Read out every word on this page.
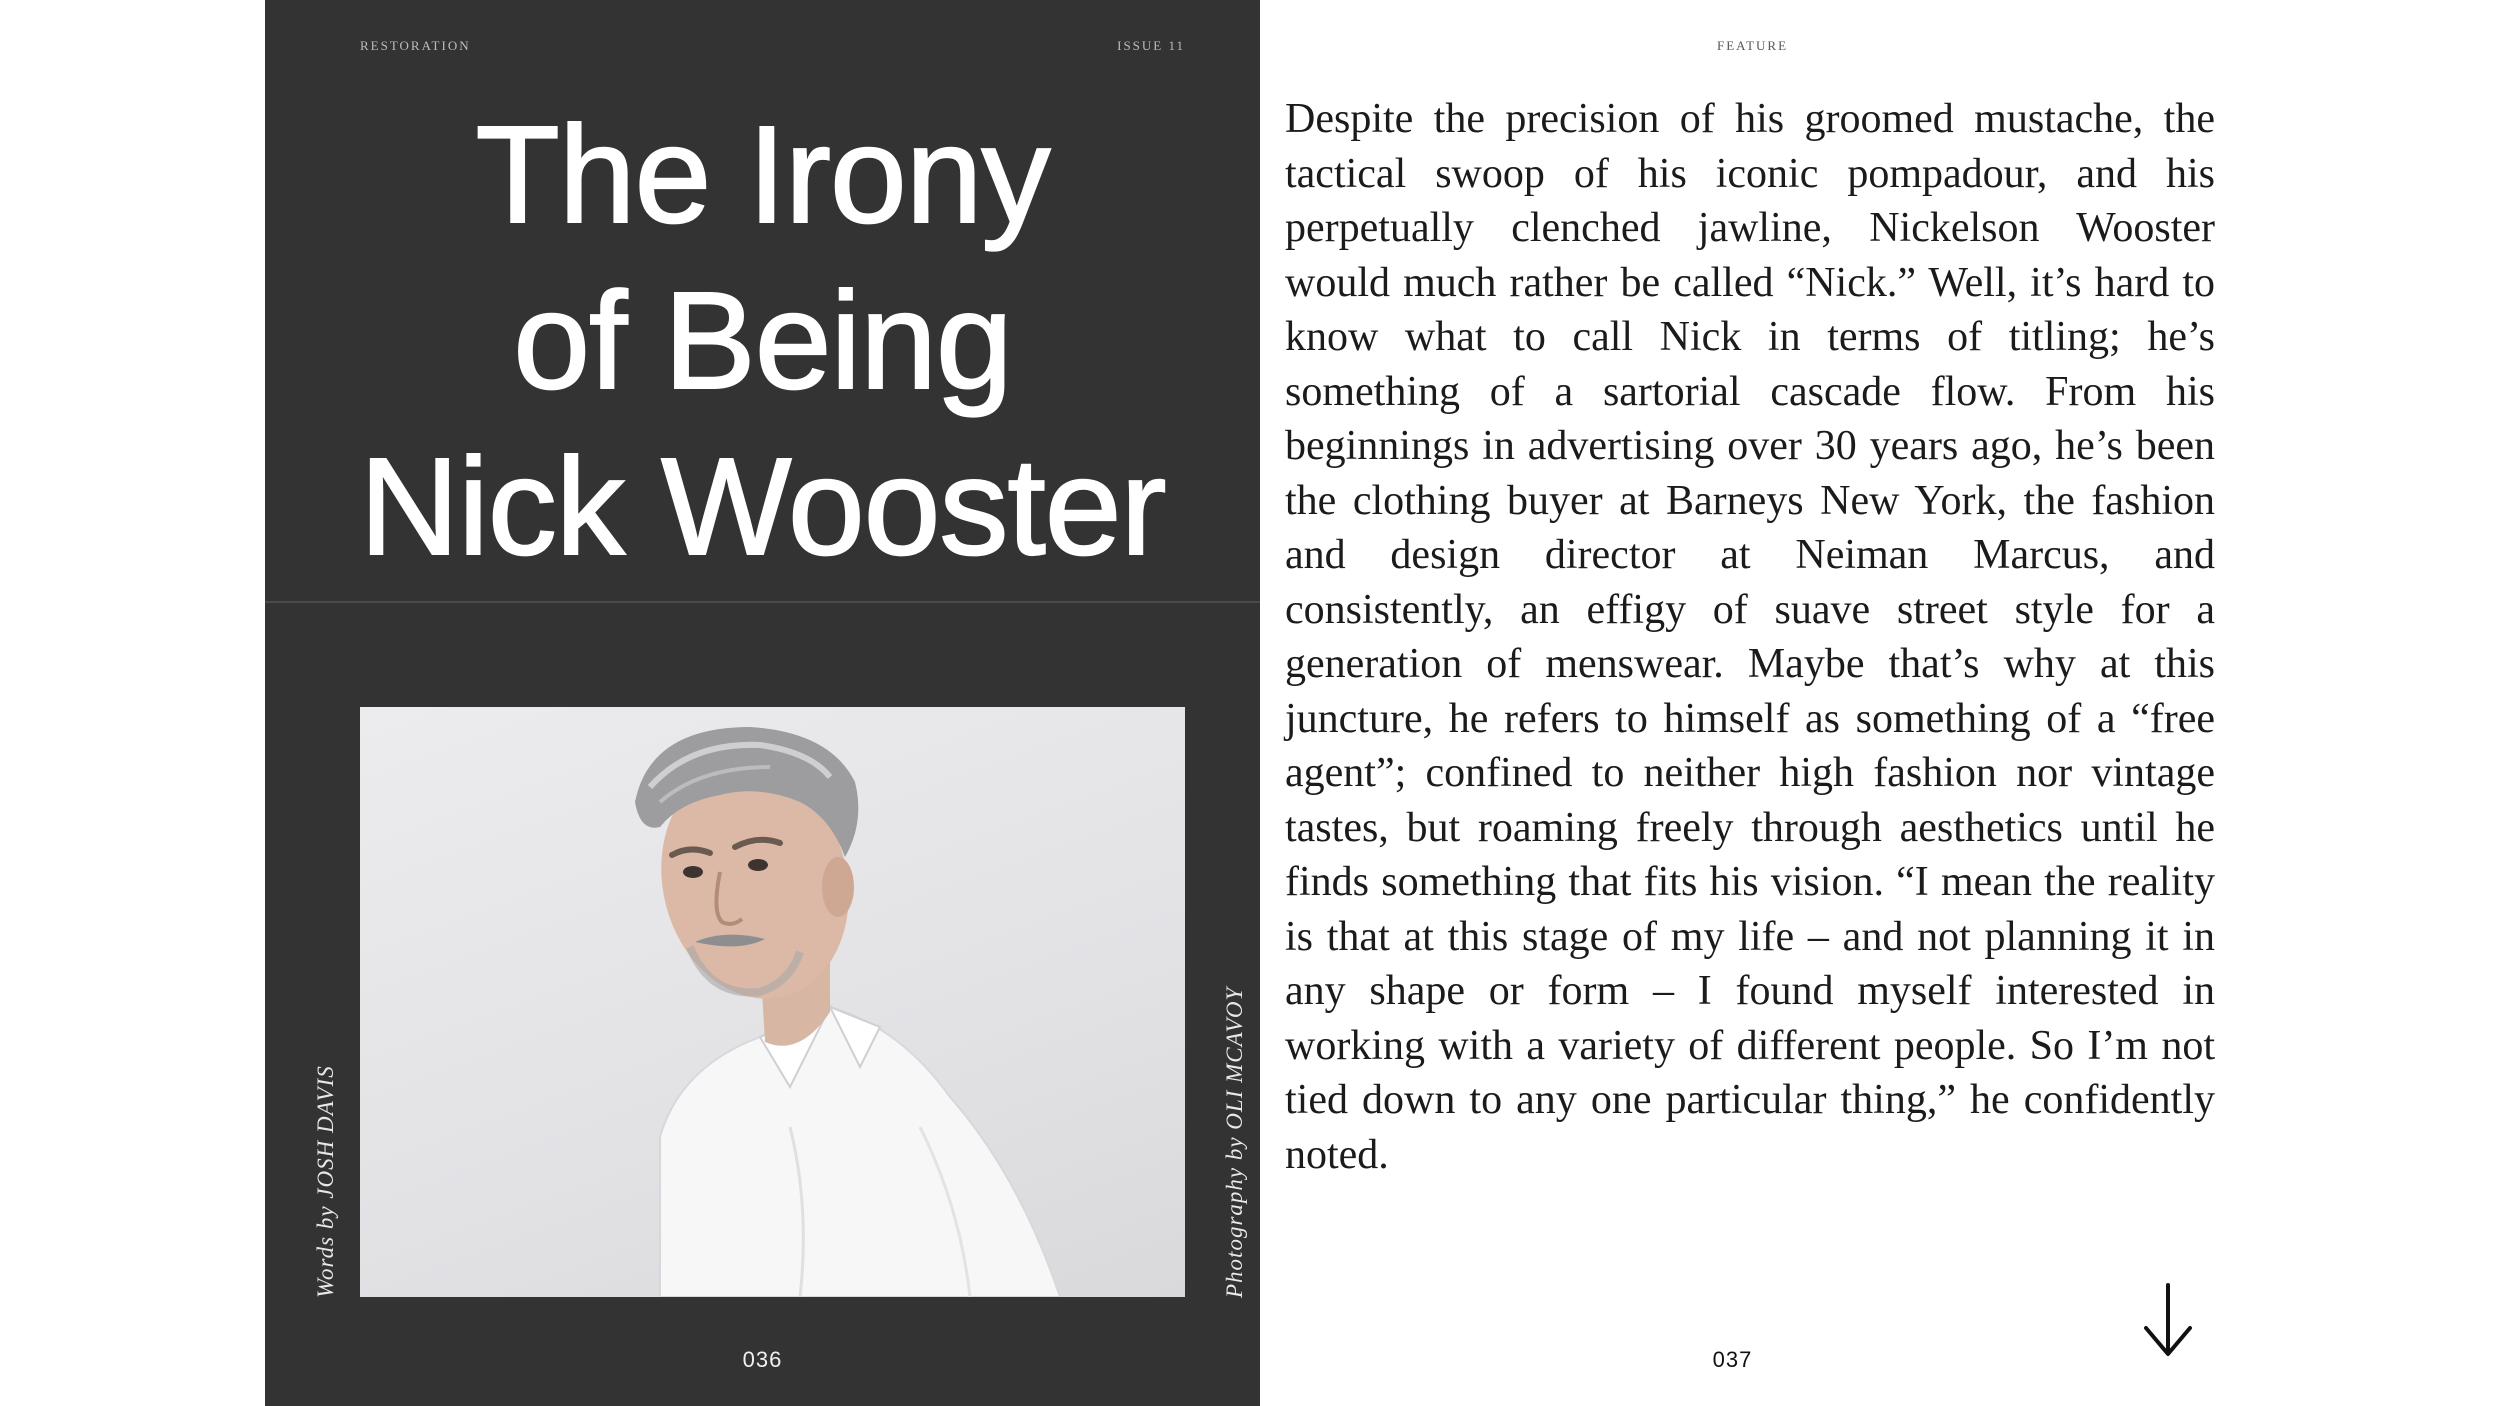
RESTORATION	ISSUE 11
The Irony
of Being
Nick Wooster
Words by JOSH DAVIS	Photography by OLI MCAVOY
036
FEATURE

Despite the precision of his groomed mustache, the tactical swoop of his iconic pompadour, and his perpetually clenched jawline, Nickelson Wooster would much rather be called “Nick.” Well, it’s hard to know what to call Nick in terms of titling; he’s something of a sartorial cascade flow. From his beginnings in advertising over 30 years ago, he’s been the clothing buyer at Barneys New York, the fashion and design director at Neiman Marcus, and consistently, an effigy of suave street style for a generation of menswear. Maybe that’s why at this juncture, he refers to himself as something of a “free agent”; confined to neither high fashion nor vintage tastes, but roaming freely through aesthetics until he finds something that fits his vision. “I mean the reality is that at this stage of my life – and not planning it in any shape or form – I found myself interested in working with a variety of different people. So I’m not tied down to any one particular thing,” he confidently noted.

037
